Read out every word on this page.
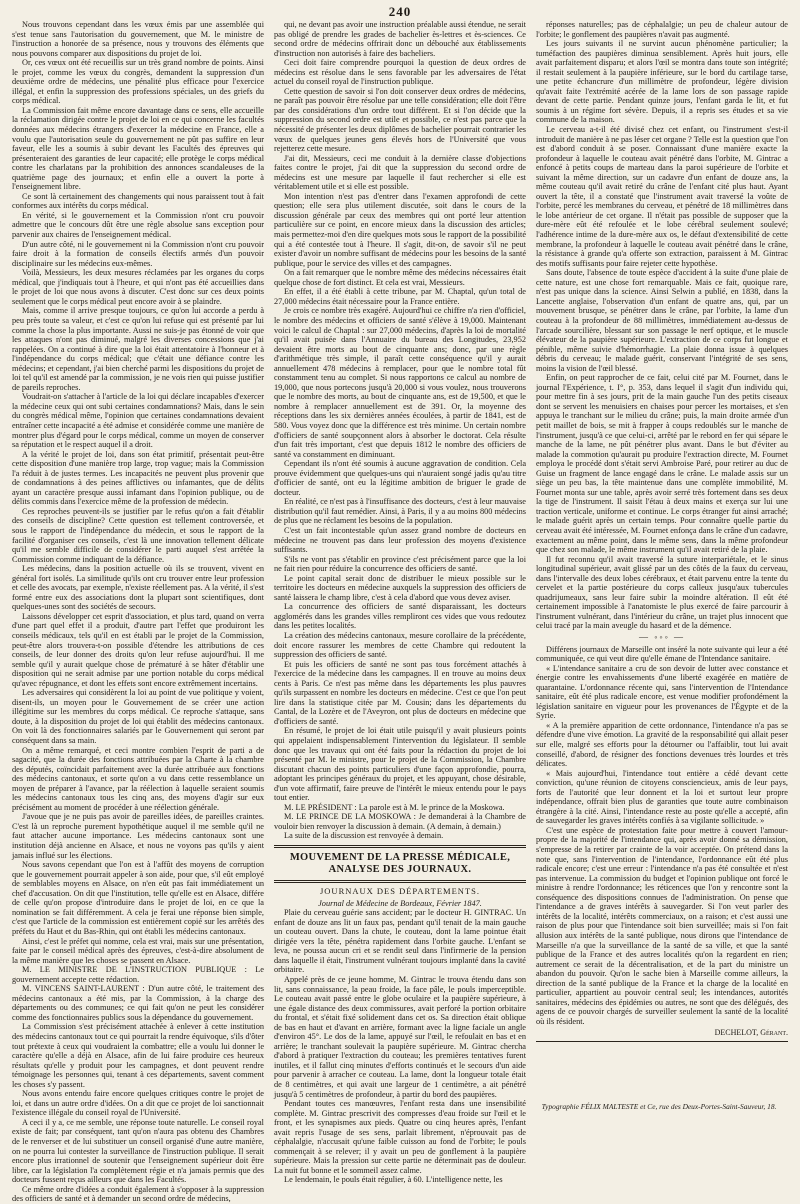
240

Nous trouvons cependant dans les vœux émis par une assemblée qui s'est tenue sans l'autorisation du gouvernement, que M. le ministre de l'instruction a honorée de sa présence, nous y trouvons des éléments que nous pouvons comparer aux dispositions du projet de loi.

Or, ces vœux ont été recueillis sur un très grand nombre de points. Ainsi le projet, comme les vœux du congrès, demandent la suppression d'un deuxième ordre de médecins, une pénalité plus efficace pour l'exercice illégal, et enfin la suppression des professions spéciales, un des griefs du corps médical.

La Commission fait même encore davantage dans ce sens, elle accueille la réclamation dirigée contre le projet de loi en ce qui concerne les facultés données aux médecins étrangers d'exercer la médecine en France, elle a voulu que l'autorisation seule du gouvernement ne pût pas suffire en leur faveur, elle les a soumis à subir devant les Facultés des épreuves qui présenteraient des garanties de leur capacité; elle protège le corps médical contre les charlatans par la prohibition des annonces scandaleuses de la quatrième page des journaux; et enfin elle a ouvert la porte à l'enseignement libre.

Ce sont là certainement des changements qui nous paraissent tout à fait conformes aux intérêts du corps médical.

En vérité, si le gouvernement et la Commission n'ont cru pouvoir admettre que le concours dût être une règle absolue sans exception pour parvenir aux chaires de l'enseignement médical.

D'un autre côté, ni le gouvernement ni la Commission n'ont cru pouvoir faire droit à la formation de conseils électifs armés d'un pouvoir disciplinaire sur les médecins eux-mêmes.

Voilà, Messieurs, les deux mesures réclamées par les organes du corps médical, que j'indiquais tout à l'heure, et qui n'ont pas été accueillies dans le projet de loi que nous avons à discuter. C'est donc sur ces deux points seulement que le corps médical peut encore avoir à se plaindre.

Mais, comme il arrive presque toujours, ce qu'on lui accorde a perdu à peu près toute sa valeur, et c'est ce qu'on lui refuse qui est présenté par lui comme la chose la plus importante. Aussi ne suis-je pas étonné de voir que les attaques n'ont pas diminué, malgré les diverses concessions que j'ai rappelées. On a continué à dire que la loi était attentatoire à l'honneur et à l'indépendance du corps médical; que c'était une défiance contre les médecins; et cependant, j'ai bien cherché parmi les dispositions du projet de loi tel qu'il est amendé par la commission, je ne vois rien qui puisse justifier de pareils reproches.

Voudrait-on s'attacher à l'article de la loi qui déclare incapables d'exercer la médecine ceux qui ont subi certaines condamnations? Mais, dans le sein du congrès médical même, l'opinion que certaines condamnations devaient entraîner cette incapacité a été admise et considérée comme une manière de montrer plus d'égard pour le corps médical, comme un moyen de conserver sa réputation et le respect auquel il a droit.

A la vérité le projet de loi, dans son état primitif, présentait peut-être cette disposition d'une manière trop large, trop vague; mais la Commission l'a réduit à de justes termes. Les incapacités ne peuvent plus provenir que de condamnations à des peines afflictives ou infamantes, que de délits ayant un caractère presque aussi infamant dans l'opinion publique, ou de délits commis dans l'exercice même de la profession de médecin.

Ces reproches peuvent-ils se justifier par le refus qu'on a fait d'établir des conseils de discipline? Cette question est tellement controversée, et sous le rapport de l'indépendance du médecin, et sous le rapport de la facilité d'organiser ces conseils, c'est là une innovation tellement délicate qu'il me semble difficile de considérer le parti auquel s'est arrêtée la Commission comme indiquant de la défiance.

Les médecins, dans la position actuelle où ils se trouvent, vivent en général fort isolés. La similitude qu'ils ont cru trouver entre leur profession et celle des avocats, par exemple, n'existe réellement pas. A la vérité, il s'est formé entre eux des associations dont la plupart sont scientifiques, dont quelques-unes sont des sociétés de secours.

Laissons développer cet esprit d'association, et plus tard, quand on verra d'une part quel effet il a produit, d'autre part l'effet que produiront les conseils médicaux, tels qu'il en est établi par le projet de la Commission, peut-être alors trouvera-t-on possible d'étendre les attributions de ces conseils, de leur donner des droits qu'on leur refuse aujourd'hui. Il me semble qu'il y aurait quelque chose de prématuré à se hâter d'établir une disposition qui ne serait admise par une portion notable du corps médical qu'avec répugnance, et dont les effets sont encore extrêmement incertains.

Les adversaires qui considèrent la loi au point de vue politique y voient, disent-ils, un moyen pour le Gouvernement de se créer une action illégitime sur les membres du corps médical. Ce reproche s'attaque, sans doute, à la disposition du projet de loi qui établit des médecins cantonaux. On voit là des fonctionnaires salariés par le Gouvernement qui seront par conséquent dans sa main.

On a même remarqué, et ceci montre combien l'esprit de parti a de sagacité, que la durée des fonctions attribuées par la Charte à la chambre des députés, coïncidait parfaitement avec la durée attribuée aux fonctions des médecins cantonaux, et sorte qu'on a vu dans cette ressemblance un moyen de préparer à l'avance, par la réélection à laquelle seraient soumis les médecins cantonaux tous les cinq ans, des moyens d'agir sur eux précisément au moment de procéder à une réélection générale.

J'avoue que je ne puis pas avoir de pareilles idées, de pareilles craintes. C'est là un reproche purement hypothétique auquel il me semble qu'il ne faut attacher aucune importance. Les médecins cantonaux sont une institution déjà ancienne en Alsace, et nous ne voyons pas qu'ils y aient jamais influé sur les élections.

Nous savons cependant que l'on est à l'affût des moyens de corruption que le gouvernement pourrait appeler à son aide, pour que, s'il eût employé de semblables moyens en Alsace, on n'en eût pas fait immédiatement un chef d'accusation. On dit que l'institution, telle qu'elle est en Alsace, différe de celle qu'on propose d'introduire dans le projet de loi, en ce que la nomination se fait différemment. A cela je ferai une réponse bien simple, c'est que l'article de la commission est entièrement copié sur les arrêtés des préfets du Haut et du Bas-Rhin, qui ont établi les médecins cantonaux.

Ainsi, c'est le préfet qui nomme, cela est vrai, mais sur une présentation, faite par le conseil médical après des épreuves, c'est-à-dire absolument de la même manière que les choses se passent en Alsace.

M. LE MINISTRE DE L'INSTRUCTION PUBLIQUE : Le gouvernement accepte cette rédaction.

M. VINCENS SAINT-LAURENT : D'un autre côté, le traitement des médecins cantonaux a été mis, par la Commission, à la charge des départements ou des communes; ce qui fait qu'on ne peut les considérer comme des fonctionnaires publics sous la dépendance du gouvernement.

La Commission s'est précisément attachée à enlever à cette institution des médecins cantonaux tout ce qui pourrait la rendre équivoque, s'ils d'ôter tout prétexte à ceux qui voudraient la combattre; elle a voulu lui donner le caractère qu'elle a déjà en Alsace, afin de lui faire produire ces heureux résultats qu'elle y produit pour les campagnes, et dont peuvent rendre témoignage les personnes qui, tenant à ces départements, savent comment les choses s'y passent.

Nous avons entendu faire encore quelques critiques contre le projet de loi, et dans un autre ordre d'idées. On a dit que ce projet de loi sanctionnait l'existence illégale du conseil royal de l'Université.

A ceci il y a, ce me semble, une réponse toute naturelle. Le conseil royal existe de fait; par conséquent, tant qu'on n'aura pas obtenu des Chambres de le renverser et de lui substituer un conseil organisé d'une autre manière, on ne pourra lui contester la surveillance de l'instruction publique. Il serait encore plus irrationnel de soutenir que l'enseignement supérieur doit être libre, car la législation l'a complètement régie et n'a jamais permis que des docteurs fussent reçus ailleurs que dans les Facultés.

Ce même ordre d'idées a conduit également à s'opposer à la suppression des officiers de santé et à demander un second ordre de médecins,

qui, ne devant pas avoir une instruction préalable aussi étendue, ne serait pas obligé de prendre les grades de bachelier ès-lettres et ès-sciences. Ce second ordre de médecins offrirait donc un débouché aux établissements d'instruction non autorisés à faire des bacheliers.

Ceci doit faire comprendre pourquoi la question de deux ordres de médecins est résolue dans le sens favorable par les adversaires de l'état actuel du conseil royal de l'instruction publique.

Cette question de savoir si l'on doit conserver deux ordres de médecins, ne paraît pas pouvoir être résolue par une telle considération; elle doit l'être par des considérations d'un ordre tout différent. Et si l'on décide que la suppression du second ordre est utile et possible, ce n'est pas parce que la nécessité de présenter les deux diplômes de bachelier pourrait contrarier les vœux de quelques jeunes gens élevés hors de l'Université que vous rejetterez cette mesure.

J'ai dit, Messieurs, ceci me conduit à la dernière classe d'objections faites contre le projet, j'ai dit que la suppression du second ordre de médecins est une mesure par laquelle il faut rechercher si elle est véritablement utile et si elle est possible.

Mon intention n'est pas d'entrer dans l'examen approfondi de cette question; elle sera plus utilement discutée, soit dans le cours de la discussion générale par ceux des membres qui ont porté leur attention particulière sur ce point, en encore mieux dans la discussion des articles; mais permettez-moi d'en dire quelques mots sous le rapport de la possibilité qui a été contestée tout à l'heure. Il s'agit, dit-on, de savoir s'il ne peut exister d'avoir un nombre suffisant de médecins pour les besoins de la santé publique, pour le service des villes et des campagnes.

On a fait remarquer que le nombre même des médecins nécessaires était quelque chose de fort distinct. Et cela est vrai, Messieurs.

En effet, il a été établi à cette tribune, par M. Chaptal, qu'un total de 27,000 médecins était nécessaire pour la France entière.

Je crois ce nombre très exagéré. Aujourd'hui ce chiffre n'a rien d'officiel, le nombre des médecins et officiers de santé s'élève à 19,000. Maintenant voici le calcul de Chaptal : sur 27,000 médecins, d'après la loi de mortalité qu'il avait puisée dans l'Annuaire du bureau des Longitudes, 23,952 devaient être morts au bout de cinquante ans; donc, par une règle d'arithmétique très simple, il paraît cette conséquence qu'il y aurait annuellement 478 médecins à remplacer, pour que le nombre total fût constamment tenu au complet. Si nous rapportons ce calcul au nombre de 19,000, que nous portecons jusqu'à 20,000 si vous voulez, nous trouverons que le nombre des morts, au bout de cinquante ans, est de 19,500, et que le nombre à remplacer annuellement est de 391. Or, la moyenne des réceptions dans les six dernières années écoulées, à partir de 1841, est de 580. Vous voyez donc que la différence est très minime. Un certain nombre d'officiers de santé soupçonnent alors à absorber le doctorat. Cela résulte d'un fait très important, c'est que depuis 1812 le nombre des officiers de santé va constamment en diminuant.

Cependant ils n'ont été soumis à aucune aggravation de condition. Cela prouve évidemment que quelques-uns qui n'auraient songé jadis qu'au titre d'officier de santé, ont eu la légitime ambition de briguer le grade de docteur.

En réalité, ce n'est pas à l'insuffisance des docteurs, c'est à leur mauvaise distribution qu'il faut remédier. Ainsi, à Paris, il y a au moins 800 médecins de plus que ne réclament les besoins de la population.

C'est un fait incontestable qu'un assez grand nombre de docteurs en médecine ne trouvent pas dans leur profession des moyens d'existence suffisants.

S'ils ne vont pas s'établir en province c'est précisément parce que la loi ne fait rien pour réduire la concurrence des officiers de santé.

Le point capital serait donc de distribuer le mieux possible sur le territoire les docteurs en médecine auxquels la suppression des officiers de santé laissera le champ libre, c'est à cela d'abord que vous devez aviser.

La concurrence des officiers de santé disparaissant, les docteurs agglomérés dans les grandes villes rempliront ces vides que vous redoutez dans les petites localités.

La création des médecins cantonaux, mesure corollaire de la précédente, doit encore rassurer les membres de cette Chambre qui redoutent la suppression des officiers de santé.

Et puis les officiers de santé ne sont pas tous forcément attachés à l'exercice de la médecine dans les campagnes. Il en trouve au moins deux cents à Paris. Ce n'est pas même dans les départements les plus pauvres qu'ils surpassent en nombre les docteurs en médecine. C'est ce que l'on peut lire dans la statistique citée par M. Cousin; dans les départements du Cantal, de la Lozère et de l'Aveyron, ont plus de docteurs en médecine que d'officiers de santé.

En résumé, le projet de loi était utile puisqu'il y avait plusieurs points qui appelaient indispensablement l'intervention du législateur. Il semble donc que les travaux qui ont été faits pour la rédaction du projet de loi présenté par M. le ministre, pour le projet de la Commission, la Chambre discutant chacun des points particuliers d'une façon approfondie, pourra, adoptant les principes généraux du projet, et les appuyant, chose désirable, d'un vote affirmatif, faire preuve de l'intérêt le mieux entendu pour le pays tout entier.

M. LE PRÉSIDENT : La parole est à M. le prince de la Moskowa.

M. LE PRINCE DE LA MOSKOWA : Je demanderai à la Chambre de vouloir bien renvoyer la discussion à demain. (A demain, à demain.)

La suite de la discussion est renvoyée à demain.

MOUVEMENT DE LA PRESSE MÉDICALE, ANALYSE DES JOURNAUX.
JOURNAUX DES DÉPARTEMENTS.

Journal de Médecine de Bordeaux, Février 1847.

Plaie du cerveau guérie sans accident; par le docteur H. GINTRAC. Un enfant de douze ans lit un faux pas, pendant qu'il tenait de la main gauche un couteau ouvert. Dans la chute, le couteau, dont la lame pointue était dirigée vers la tête, pénétra rapidement dans l'orbite gauche. L'enfant se leva, ne poussa aucun cri et se rendit seul dans l'infirmerie de la pension dans laquelle il était, l'instrument vulnérant toujours implanté dans la cavité orbitaire.

Appelé près de ce jeune homme, M. Gintrac le trouva étendu dans son lit, sans connaissance, la peau froide, la face pâle, le pouls imperceptible. Le couteau avait passé entre le globe oculaire et la paupière supérieure, à une égale distance des deux commissures, avait perforé la portion orbitaire du frontal, et s'était fixé solidement dans cet os. Sa direction était oblique de bas en haut et d'avant en arrière, formant avec la ligne faciale un angle d'environ 45°. Le dos de la lame, appuyé sur l'œil, le refoulait en bas et en arrière; le tranchant soulevait la paupière supérieure. M. Gintrac chercha d'abord à pratiquer l'extraction du couteau; les premières tentatives furent inutiles, et il fallut cinq minutes d'efforts continués et le secours d'un aide pour parvenir à arracher ce couteau. La lame, dont la longueur totale était de 8 centimètres, et qui avait une largeur de 1 centimètre, a ait pénétré jusqu'à 5 centimètres de profondeur, à partir du bord des paupières.

Pendant toutes ces manœuvres, l'enfant resta dans une insensibilité complète. M. Gintrac prescrivit des compresses d'eau froide sur l'œil et le front, et les synapismes aux pieds. Quatre ou cinq heures après, l'enfant avait repris l'usage de ses sens, parlait librement, n'éprouvait pas de céphalalgie, n'accusait qu'une faible cuisson au fond de l'orbite; le pouls commençait à se relever; il y avait un peu de gonflement à la paupière supérieure. Mais la pression sur cette partie ne déterminait pas de douleur. La nuit fut bonne et le sommeil assez calme.

Le lendemain, le pouls était régulier, à 60. L'intelligence nette, les

réponses naturelles; pas de céphalalgie; un peu de chaleur autour de l'orbite; le gonflement des paupières n'avait pas augmenté.

Les jours suivants il ne survint aucun phénomène particulier; la tuméfaction des paupières diminua sensiblement. Après huit jours, elle avait parfaitement disparu; et alors l'œil se montra dans toute son intégrité; il restait seulement à la paupière inférieure, sur le bord du cartilage tarse, une petite échancrure d'un millimètre de profondeur, légère division qu'avait faite l'extrémité acérée de la lame lors de son passage rapide devant de cette partie. Pendant quinze jours, l'enfant garda le lit, et fut soumis à un régime fort sévère. Depuis, il a repris ses études et sa vie commune de la maison.

Le cerveau a-t-il été divisé chez cet enfant, ou l'instrument s'est-il introduit de manière à ne pas léser cet organe ? Telle est la question que l'on est d'abord conduit à se poser. Connaissant d'une manière exacte la profondeur à laquelle le couteau avait pénétré dans l'orbite, M. Gintrac a enfoncé à petits coups de marteau dans la paroi supérieure de l'orbite et suivant la même direction, sur un cadavre d'un enfant de douze ans, la même couteau qu'il avait retiré du crâne de l'enfant cité plus haut. Ayant ouvert la tête, il a constaté que l'instrument avait traversé la voûte de l'orbite, percé les membranes du cerveau, et pénétré de 18 millimètres dans le lobe antérieur de cet organe. Il n'était pas possible de supposer que la dure-mère eût été refoulée et le lobe cérébral seulement soulevé; l'adhérence intime de la dure-mère aux os, le défaut d'extensibilité de cette membrane, la profondeur à laquelle le couteau avait pénétré dans le crâne, la résistance à grande qu'a offerte son extraction, paraissent à M. Gintrac des motifs suffisants pour faire rejeter cette hypothèse.

Sans doute, l'absence de toute espèce d'accident à la suite d'une plaie de cette nature, est une chose fort remarquable. Mais ce fait, quoique rare, n'est pas unique dans la science. Ainsi Selwin a publié, en 1838, dans la Lancette anglaise, l'observation d'un enfant de quatre ans, qui, par un mouvement brusque, se pénétrer dans le crâne, par l'orbite, la lame d'un couteau à la profondeur de 88 millimètres, immédiatement au-dessus de l'arcade sourcilière, blessant sur son passage le nerf optique, et le muscle élévateur de la paupière supérieure. L'extraction de ce corps fut longue et pénible, même suivie d'hémorrhagie. La plaie donna issue à quelques débris du cerveau; le malade guérit, conservant l'intégrité de ses sens, moins la vision de l'œil blessé.

Enfin, on peut rapprocher de ce fait, celui cité par M. Fournet, dans le journal l'Expérience, t. I°, p. 353, dans lequel il s'agit d'un individu qui, pour mettre fin à ses jours, prit de la main gauche l'un des petits ciseaux dont se servent les menuisiers en chaises pour percer les mortaises, et s'en appuya le tranchant sur le milieu du crâne; puis, la main droite armée d'un petit maillet de bois, se mit à frapper à coups redoublés sur le manche de l'instrument, jusqu'à ce que celui-ci, arrêté par le rebord en fer qui sépare le manche de la lame, ne pût pénétrer plus avant. Dans le but d'éviter au malade la commotion qu'aurait pu produire l'extraction directe, M. Fournet employa le procédé dont s'était servi Ambroise Paré, pour retirer au duc de Guise un fragment de lance engagé dans le crâne. Le malade assis sur un siège un peu bas, la tête maintenue dans une complète immobilité, M. Fournet monta sur une table, après avoir serré très fortement dans ses deux la tige de l'instrument. Il saisit l'étau à deux mains et exerça sur lui une traction verticale, uniforme et continue. Le corps étranger fut ainsi arraché; le malade guérit après un certain temps. Pour connaître quelle partie du cerveau avait été intéressée, M. Fournet enfonça dans le crâne d'un cadavre, exactement au même point, dans le même sens, dans la même profondeur que chez son malade, le même instrument qu'il avait retiré de la plaie.

Il fut reconnu qu'il avait traversé la suture interpariétale, et le sinus longitudinal supérieur, avait glissé par un des côtés de la faux du cerveau, dans l'intervalle des deux lobes cérébraux, et était parvenu entre la tente du cervelet et la partie postérieure du corps calleux jusqu'aux tubercules quadrijumeaux, sans leur faire subir la moindre altération. Il eût été certainement impossible à l'anatomiste le plus exercé de faire parcourir à l'instrument vulnérant, dans l'intérieur du crâne, un trajet plus innocent que celui tracé par la main aveugle du hasard et de la démence.

— ◦◦◦ —

Différens journaux de Marseille ont inséré la note suivante qui leur a été communiquée, ce qui veut dire qu'elle émane de l'Intendance sanitaire.

« L'intendance sanitaire a cru de son devoir de lutter avec constance et énergie contre les envahissements d'une liberté exagérée en matière de quarantaine. L'ordonnance récente qui, sans l'intervention de l'Intendance sanitaire, eût été plus radicale encore, est venue modifier profondément la législation sanitaire en vigueur pour les provenances de l'Égypte et de la Syrie.

« A la première apparition de cette ordonnance, l'intendance n'a pas se défendre d'une vive émotion. La gravité de la responsabilité qui allait peser sur elle, malgré ses efforts pour la détourner ou l'affaiblir, tout lui avait conseillé, d'abord, de résigner des fonctions devenues très lourdes et très délicates.

« Mais aujourd'hui, l'intendance tout entière a cédé devant cette conviction, qu'une réunion de citoyens consciencieux, amis de leur pays, forts de l'autorité que leur donnent et la loi et surtout leur propre indépendance, offrait bien plus de garanties que toute autre combinaison étrangère à la cité. Ainsi, l'intendance reste au poste qu'elle a accepté, afin de sauvegarder les graves intérêts confiés à sa vigilante sollicitude. »

C'est une espèce de protestation faite pour mettre à couvert l'amour-propre de la majorité de l'intendance qui, après avoir donné sa démission, s'empresse de la retirer par crainte de la voir acceptée. On prétend dans la note que, sans l'intervention de l'intendance, l'ordonnance eût été plus radicale encore; c'est une erreur : l'intendance n'a pas été consultée et n'est pas intervenue. La commission du budget et l'opinion publique ont forcé le ministre à rendre l'ordonnance; les réticences que l'on y rencontre sont la conséquence des dispositions connues de l'administration. On pense que l'intendance a de graves intérêts à sauvegarder. Si l'on veut parler des intérêts de la localité, intérêts commerciaux, on a raison; et c'est aussi une raison de plus pour que l'intendance soit bien surveillée; mais si l'on fait allusion aux intérêts de la santé publique, nous dirons que l'intendance de Marseille n'a que la surveillance de la santé de sa ville, et que la santé publique de la France et des autres localités qu'on la regardent en rien; autrement ce serait de la décentralisation, et de la part du ministre un abandon du pouvoir. Qu'on le sache bien à Marseille comme ailleurs, la direction de la santé publique de la France et la charge de la localité en particulier, appartient au pouvoir central seul; les intendances, autorités sanitaires, médecins des épidémies ou autres, ne sont que des délégués, des agens de ce pouvoir chargés de surveiller seulement la santé de la localité où ils résident.

DECHELOT, Gérant.
Typographie FÉLIX MALTESTE et Ce, rue des Deux-Portes-Saint-Sauveur, 18.
